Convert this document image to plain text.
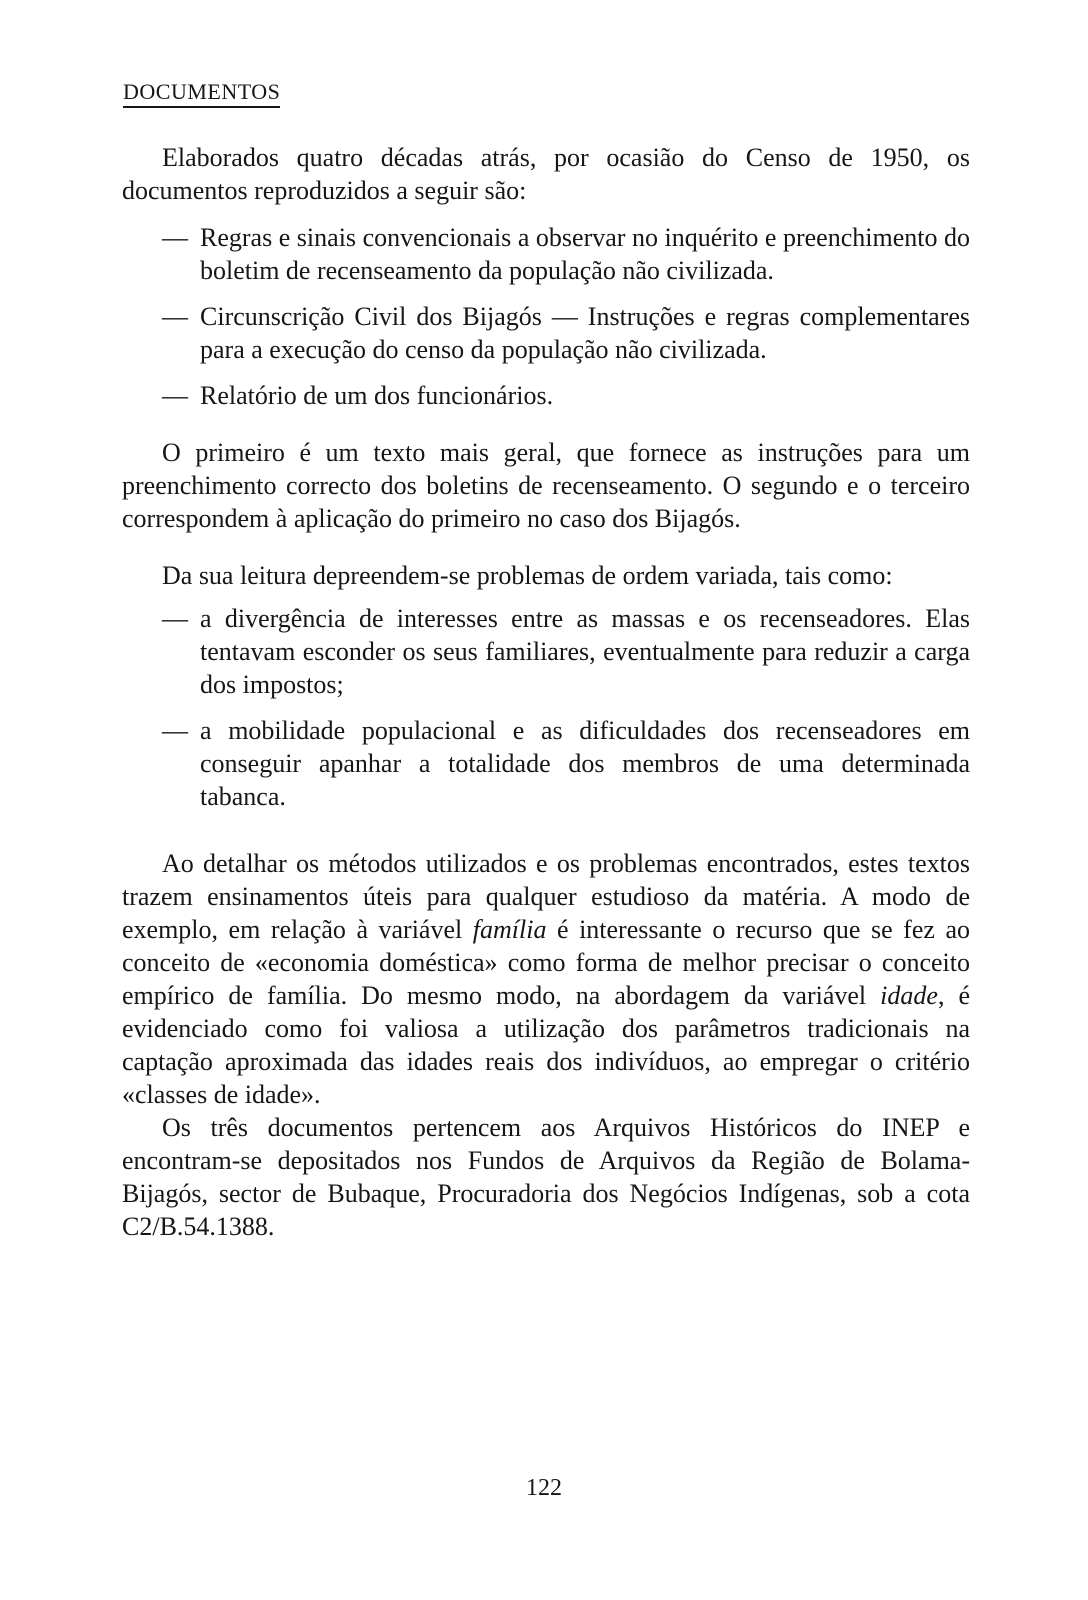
DOCUMENTOS

Elaborados quatro décadas atrás, por ocasião do Censo de 1950, os documentos reproduzidos a seguir são:

— Regras e sinais convencionais a observar no inquérito e preenchimento do boletim de recenseamento da população não civilizada.
— Circunscrição Civil dos Bijagós — Instruções e regras complementares para a execução do censo da população não civilizada.
— Relatório de um dos funcionários.

O primeiro é um texto mais geral, que fornece as instruções para um preenchimento correcto dos boletins de recenseamento. O segundo e o terceiro correspondem à aplicação do primeiro no caso dos Bijagós.

Da sua leitura depreendem-se problemas de ordem variada, tais como:

— a divergência de interesses entre as massas e os recenseadores. Elas tentavam esconder os seus familiares, eventualmente para reduzir a carga dos impostos;
— a mobilidade populacional e as dificuldades dos recenseadores em conseguir apanhar a totalidade dos membros de uma determinada tabanca.

Ao detalhar os métodos utilizados e os problemas encontrados, estes textos trazem ensinamentos úteis para qualquer estudioso da matéria. A modo de exemplo, em relação à variável família é interessante o recurso que se fez ao conceito de «economia doméstica» como forma de melhor precisar o conceito empírico de família. Do mesmo modo, na abordagem da variável idade, é evidenciado como foi valiosa a utilização dos parâmetros tradicionais na captação aproximada das idades reais dos indivíduos, ao empregar o critério «classes de idade».

Os três documentos pertencem aos Arquivos Históricos do INEP e encontram-se depositados nos Fundos de Arquivos da Região de Bolama-Bijagós, sector de Bubaque, Procuradoria dos Negócios Indígenas, sob a cota C2/B.54.1388.

122
